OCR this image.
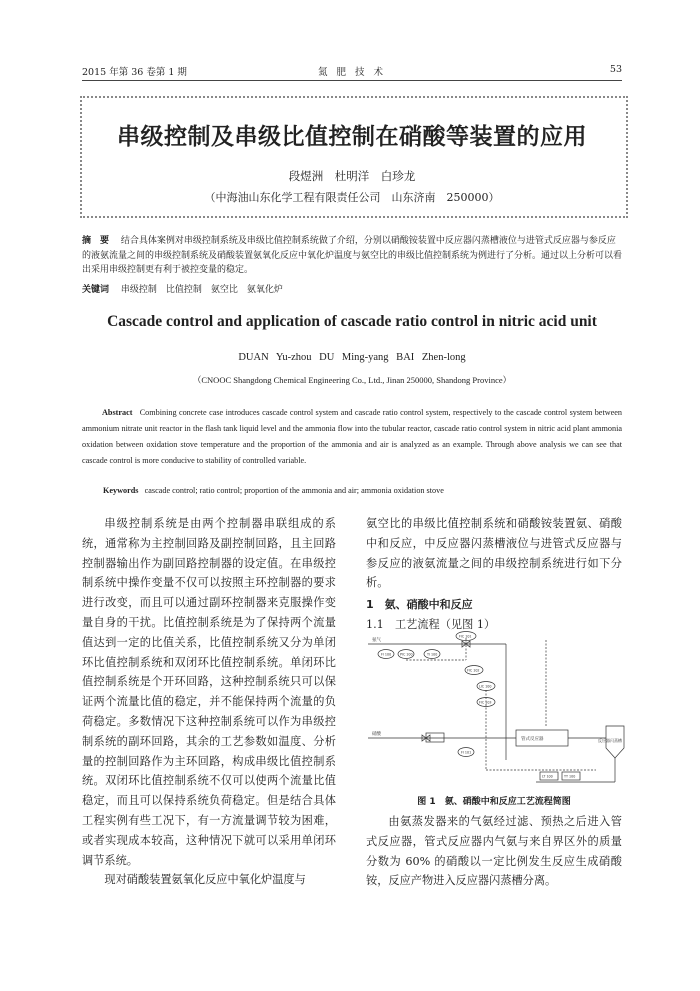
2015 年第 36 卷第 1 期	氮 肥 技 术	53
串级控制及串级比值控制在硝酸等装置的应用
段煜洲　杜明洋　白珍龙
（中海油山东化学工程有限责任公司　山东济南　250000）
摘　要 　 结合具体案例对串级控制系统及串级比值控制系统做了介绍，分别以硝酸铵装置中反应器闪蒸槽液位与进管式反应器与参反应的液氨流量之间的串级控制系统及硝酸装置氨氧化反应中氧化炉温度与氨空比的串级比值控制系统为例进行了分析。通过以上分析可以看出采用串级控制更有利于被控变量的稳定。
关键词 　 串级控制　比值控制　氨空比　氨氧化炉
Cascade control and application of cascade ratio control in nitric acid unit
DUAN Yu-zhou DU Ming-yang BAI Zhen-long
（CNOOC Shangdong Chemical Engineering Co., Ltd., Jinan 250000, Shandong Province）
Abstract Combining concrete case introduces cascade control system and cascade ratio control system, respectively to the cascade control system between ammonium nitrate unit reactor in the flash tank liquid level and the ammonia flow into the tubular reactor, cascade ratio control system in nitric acid plant ammonia oxidation between oxidation stove temperature and the proportion of the ammonia and air is analyzed as an example. Through above analysis we can see that cascade control is more conducive to stability of controlled variable.
Keywords cascade control; ratio control; proportion of the ammonia and air; ammonia oxidation stove
串级控制系统是由两个控制器串联组成的系统，通常称为主控制回路及副控制回路，且主回路控制器输出作为副回路控制器的设定值。在串级控制系统中操作变量不仅可以按照主环控制器的要求进行改变，而且可以通过副环控制器来克服操作变量自身的干扰。比值控制系统是为了保持两个流量值达到一定的比值关系，比值控制系统又分为单闭环比值控制系统和双闭环比值控制系统。单闭环比值控制系统是个开环回路，这种控制系统只可以保证两个流量比值的稳定，并不能保持两个流量的负荷稳定。多数情况下这种控制系统可以作为串级控制系统的副环回路，其余的工艺参数如温度、分析量的控制回路作为主环回路，构成串级比值控制系统。双闭环比值控制系统不仅可以使两个流量比值稳定，而且可以保持系统负荷稳定。但是结合具体工程实例有些工况下，有一方流量调节较为困难，或者实现成本较高，这种情况下就可以采用单闭环调节系统。
现对硝酸装置氨氧化反应中氧化炉温度与
氨空比的串级比值控制系统和硝酸铵装置氨、硝酸中和反应，中反应器闪蒸槽液位与进管式反应器与参反应的液氨流量之间的串级控制系统进行如下分析。
1　氨、硝酸中和反应
1.1　工艺流程（见图 1）
氨气
硝酸
管式反应器	反应器闪蒸槽
FIC 101
PIC 100	TI 100
FI 100
FIC 102
LIC 100
FIC 103
FI 101
LT 100	TT 100
图 1　氨、硝酸中和反应工艺流程简图
由氨蒸发器来的气氨经过滤、预热之后进入管式反应器，管式反应器内气氨与来自界区外的质量分数为 60% 的硝酸以一定比例发生反应生成硝酸铵，反应产物进入反应器闪蒸槽分离。
